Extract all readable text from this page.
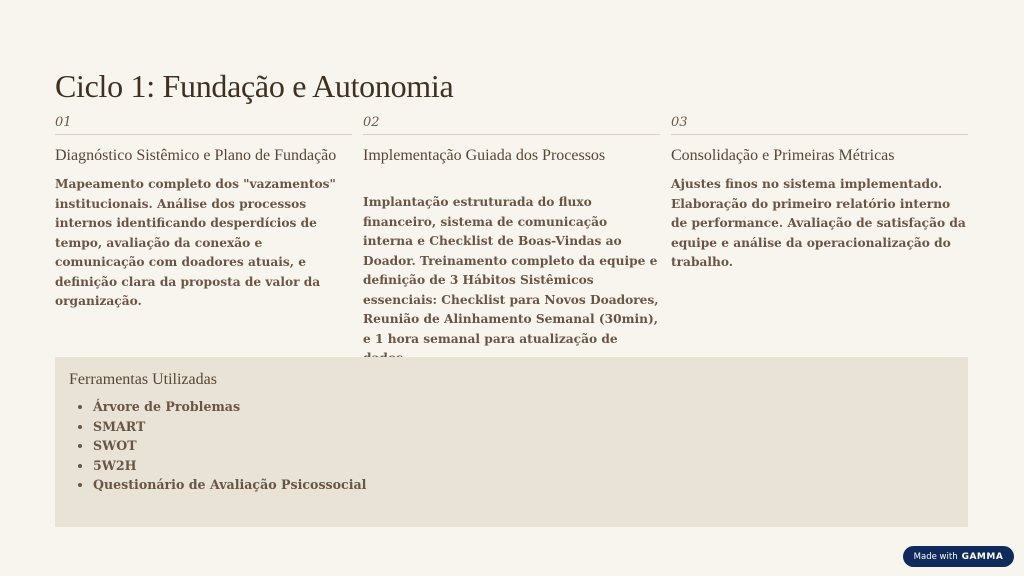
Ciclo 1: Fundação e Autonomia
01
Diagnóstico Sistêmico e Plano de Fundação
Mapeamento completo dos "vazamentos" institucionais. Análise dos processos internos identificando desperdícios de tempo, avaliação da conexão e comunicação com doadores atuais, e definição clara da proposta de valor da organização.
02
Implementação Guiada dos Processos
Implantação estruturada do fluxo financeiro, sistema de comunicação interna e Checklist de Boas-Vindas ao Doador. Treinamento completo da equipe e definição de 3 Hábitos Sistêmicos essenciais: Checklist para Novos Doadores, Reunião de Alinhamento Semanal (30min), e 1 hora semanal para atualização de
03
Consolidação e Primeiras Métricas
Ajustes finos no sistema implementado. Elaboração do primeiro relatório interno de performance. Avaliação de satisfação da equipe e análise da operacionalização do trabalho.
Ferramentas Utilizadas
• Árvore de Problemas
• SMART
• SWOT
• 5W2H
• Questionário de Avaliação Psicossocial
Made with GAMMA
